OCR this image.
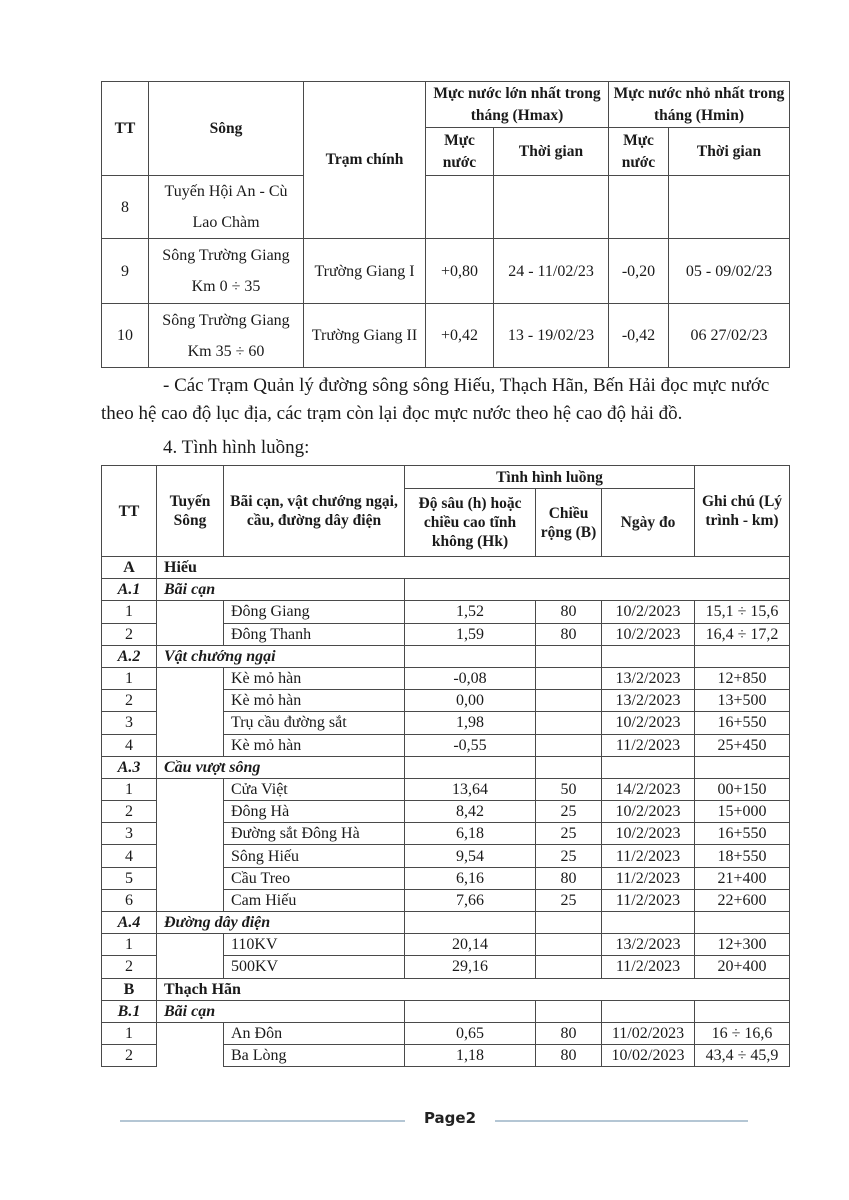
TT	Sông	Trạm chính	Mực nước lớn nhất trong tháng (Hmax)		Mực nước nhỏ nhất trong tháng (Hmin)	
			Mực nước	Thời gian	Mực nước	Thời gian
8	Tuyến Hội An - Cù Lao Chàm					
9	Sông Trường Giang Km 0 ÷ 35	Trường Giang I	+0,80	24 - 11/02/23	-0,20	05 - 09/02/23
10	Sông Trường Giang Km 35 ÷ 60	Trường Giang II	+0,42	13 - 19/02/23	-0,42	06 27/02/23
- Các Trạm Quản lý đường sông sông Hiếu, Thạch Hãn, Bến Hải đọc mực nước theo hệ cao độ lục địa, các trạm còn lại đọc mực nước theo hệ cao độ hải đồ.
4. Tình hình luồng:
TT	Tuyến Sông	Bãi cạn, vật chướng ngại, cầu, đường dây điện	Tình hình luồng			Ghi chú (Lý trình - km)
			Độ sâu (h) hoặc chiều cao tĩnh không (Hk)	Chiều rộng (B)	Ngày đo	
A	Hiếu					
A.1	Bãi cạn					
1		Đông Giang	1,52	80	10/2/2023	15,1 ÷ 15,6
2		Đông Thanh	1,59	80	10/2/2023	16,4 ÷ 17,2
A.2	Vật chướng ngại					
1		Kè mỏ hàn	-0,08		13/2/2023	12+850
2		Kè mỏ hàn	0,00		13/2/2023	13+500
3		Trụ cầu đường sắt	1,98		10/2/2023	16+550
4		Kè mỏ hàn	-0,55		11/2/2023	25+450
A.3	Cầu vượt sông					
1		Cửa Việt	13,64	50	14/2/2023	00+150
2		Đông Hà	8,42	25	10/2/2023	15+000
3		Đường sắt Đông Hà	6,18	25	10/2/2023	16+550
4		Sông Hiếu	9,54	25	11/2/2023	18+550
5		Cầu Treo	6,16	80	11/2/2023	21+400
6		Cam Hiếu	7,66	25	11/2/2023	22+600
A.4	Đường dây điện					
1		110KV	20,14		13/2/2023	12+300
2		500KV	29,16		11/2/2023	20+400
B	Thạch Hãn					
B.1	Bãi cạn					
1		An Đôn	0,65	80	11/02/2023	16 ÷ 16,6
2		Ba Lòng	1,18	80	10/02/2023	43,4 ÷ 45,9
Page2
